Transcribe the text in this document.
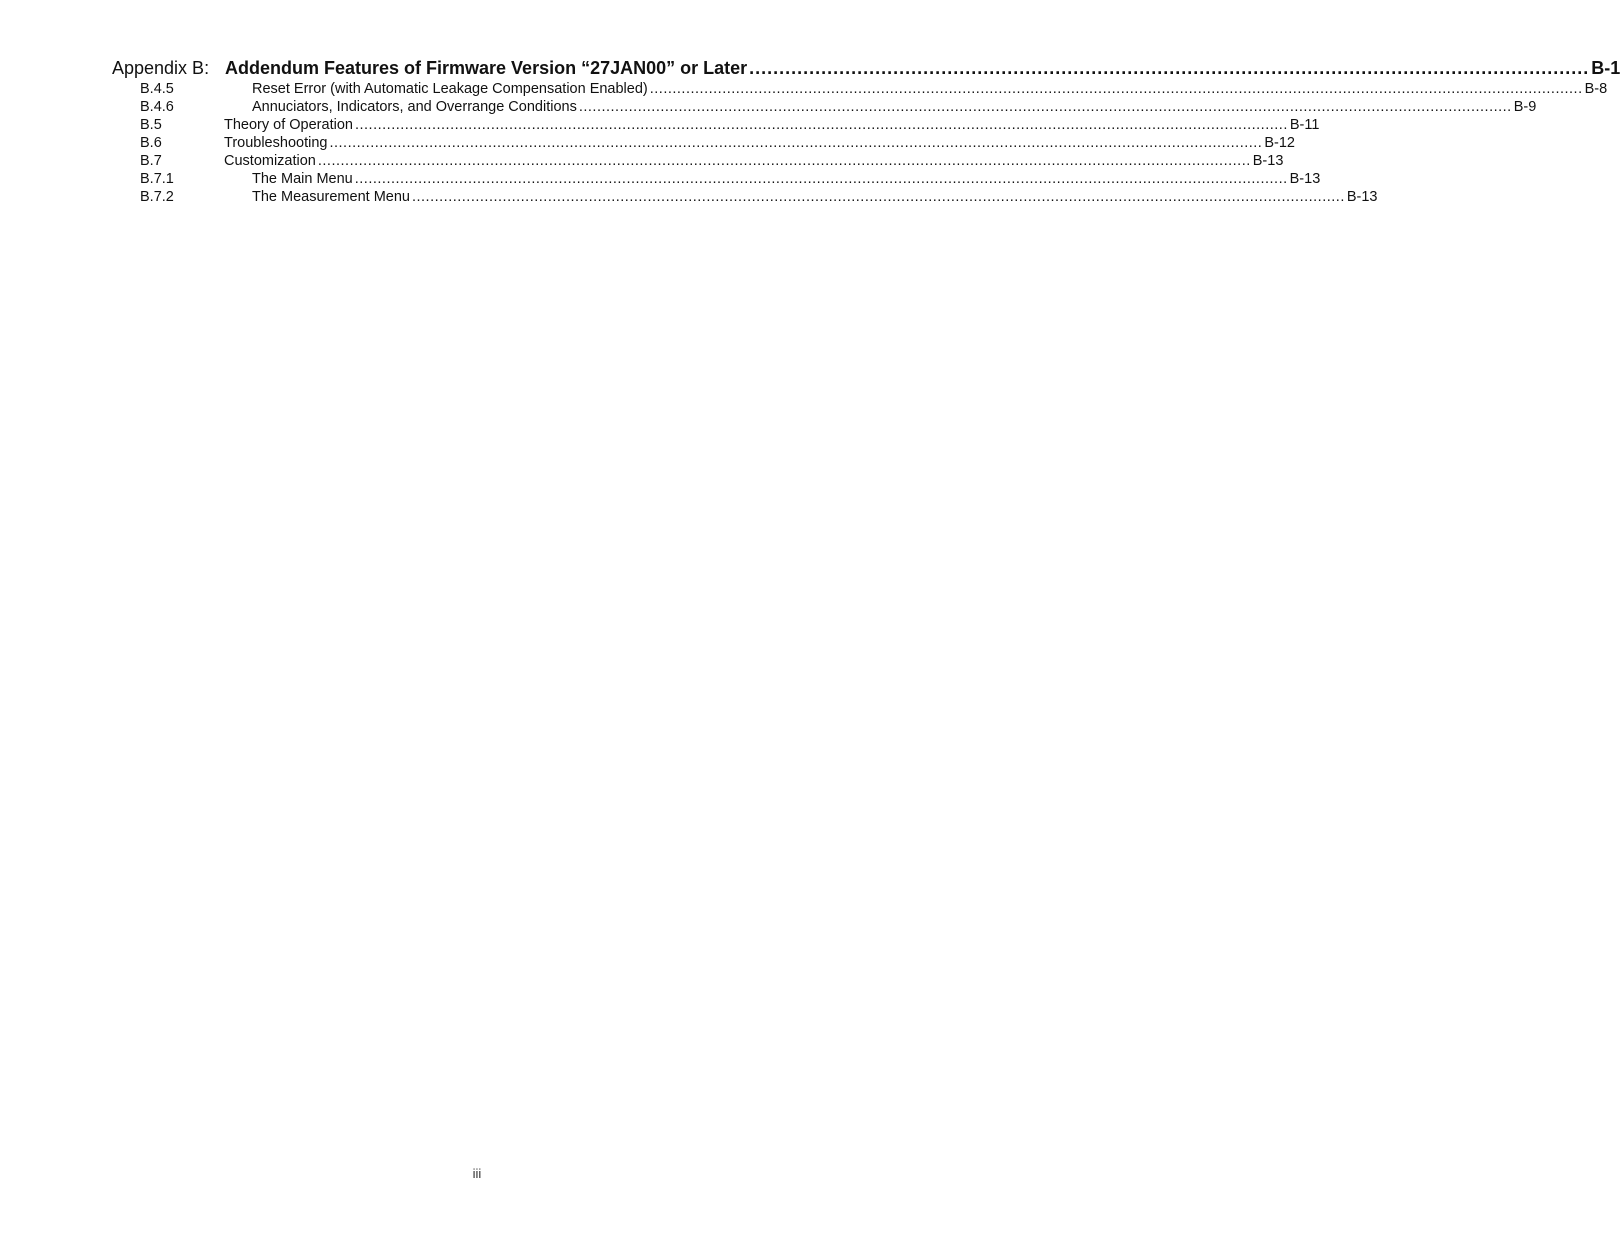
Appendix B: Addendum Features of Firmware Version “27JAN00” or Later ............................................................................................................................................ B-1
B.4.5	Reset Error (with Automatic Leakage Compensation Enabled) .............................................................................................................................................................................................................. B-8
B.4.6	Annuciators, Indicators, and Overrange Conditions .............................................................................................................................................................................................................. B-9
B.5	Theory of Operation .............................................................................................................................................................................................................. B-11
B.6	Troubleshooting .............................................................................................................................................................................................................. B-12
B.7	Customization .............................................................................................................................................................................................................. B-13
B.7.1	The Main Menu .............................................................................................................................................................................................................. B-13
B.7.2	The Measurement Menu .............................................................................................................................................................................................................. B-13
iii
